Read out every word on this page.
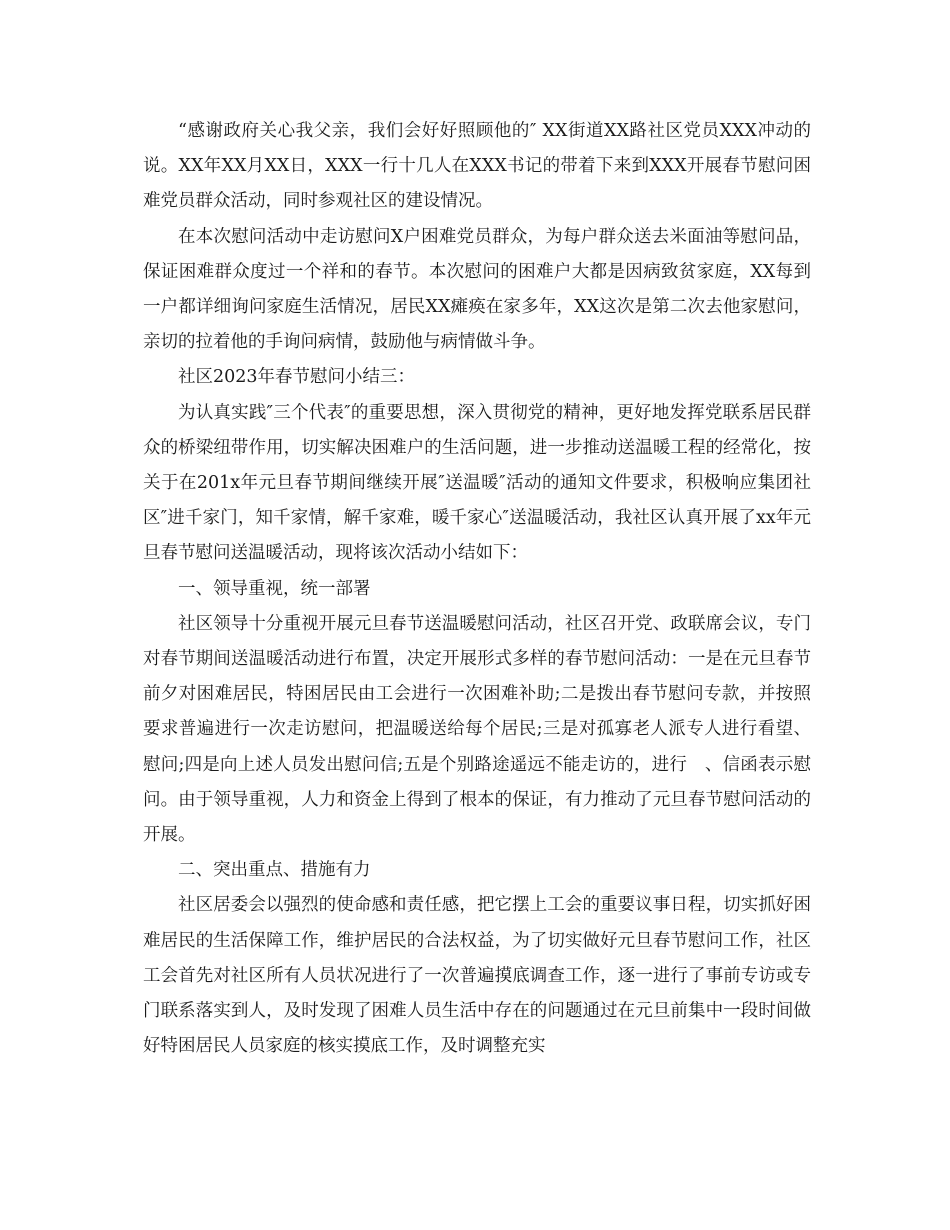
“感谢政府关心我父亲，我们会好好照顾他的″ XX街道XX路社区党员XXX冲动的说。XX年XX月XX日，XXX一行十几人在XXX书记的带着下来到XXX开展春节慰问困难党员群众活动，同时参观社区的建设情况。

在本次慰问活动中走访慰问X户困难党员群众，为每户群众送去米面油等慰问品，保证困难群众度过一个祥和的春节。本次慰问的困难户大都是因病致贫家庭，XX每到一户都详细询问家庭生活情况，居民XX瘫痪在家多年，XX这次是第二次去他家慰问，亲切的拉着他的手询问病情，鼓励他与病情做斗争。

社区2023年春节慰问小结三：

为认真实践″三个代表″的重要思想，深入贯彻党的精神，更好地发挥党联系居民群众的桥梁纽带作用，切实解决困难户的生活问题，进一步推动送温暖工程的经常化，按关于在201x年元旦春节期间继续开展″送温暖″活动的通知文件要求，积极响应集团社区″进千家门，知千家情，解千家难，暖千家心″送温暖活动，我社区认真开展了xx年元旦春节慰问送温暖活动，现将该次活动小结如下：

一、领导重视，统一部署

社区领导十分重视开展元旦春节送温暖慰问活动，社区召开党、政联席会议，专门对春节期间送温暖活动进行布置，决定开展形式多样的春节慰问活动：一是在元旦春节前夕对困难居民，特困居民由工会进行一次困难补助;二是拨出春节慰问专款，并按照要求普遍进行一次走访慰问，把温暖送给每个居民;三是对孤寡老人派专人进行看望、慰问;四是向上述人员发出慰问信;五是个别路途遥远不能走访的，进行　、信函表示慰问。由于领导重视，人力和资金上得到了根本的保证，有力推动了元旦春节慰问活动的开展。

二、突出重点、措施有力

社区居委会以强烈的使命感和责任感，把它摆上工会的重要议事日程，切实抓好困难居民的生活保障工作，维护居民的合法权益，为了切实做好元旦春节慰问工作，社区工会首先对社区所有人员状况进行了一次普遍摸底调查工作，逐一进行了事前专访或专门联系落实到人，及时发现了困难人员生活中存在的问题通过在元旦前集中一段时间做好特困居民人员家庭的核实摸底工作，及时调整充实
